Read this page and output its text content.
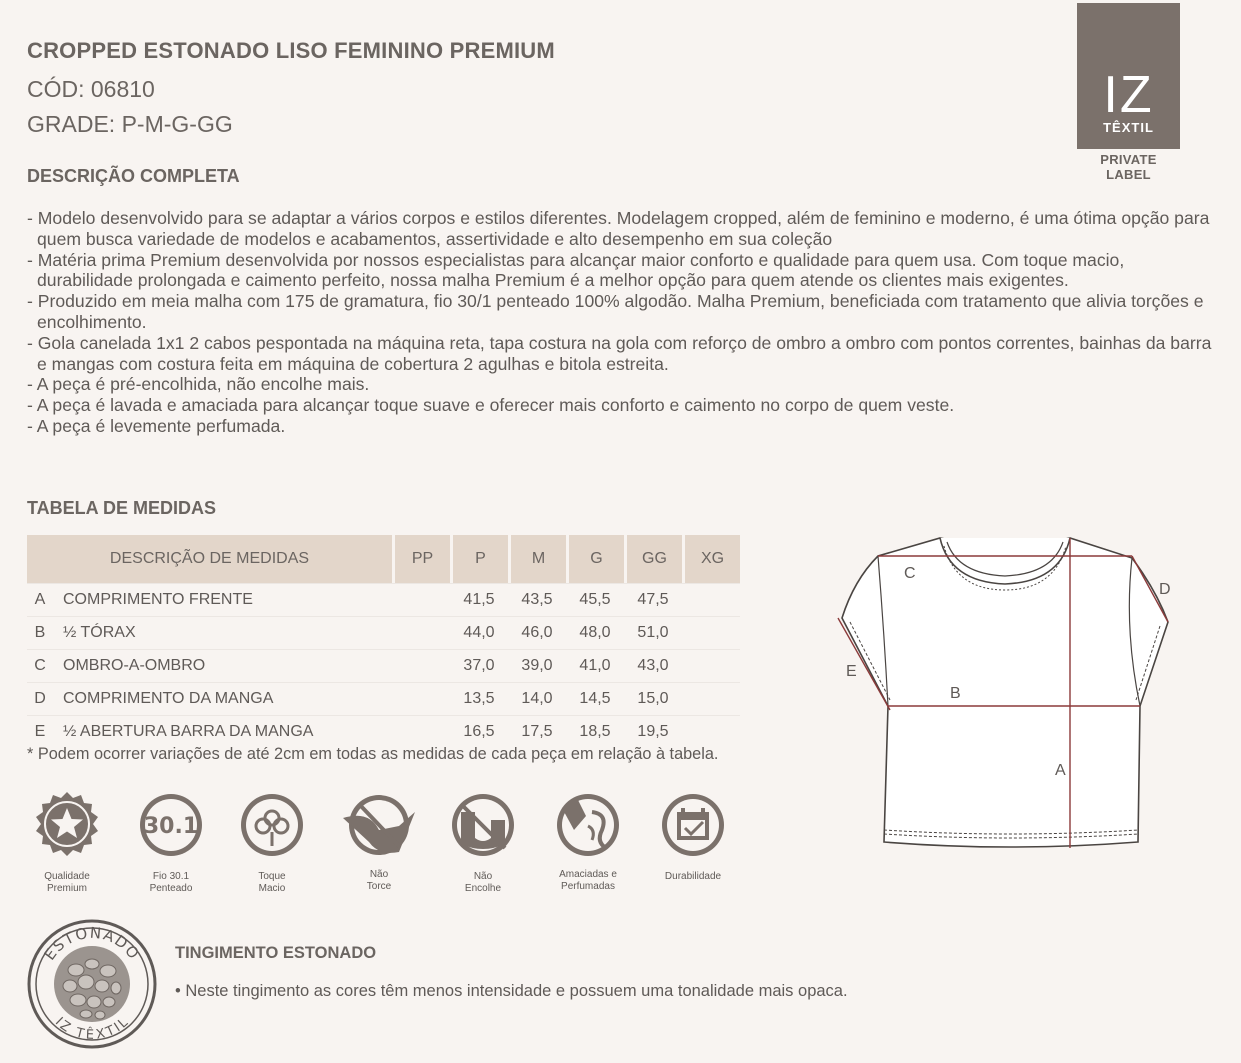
CROPPED ESTONADO LISO FEMININO PREMIUM
CÓD: 06810
GRADE: P-M-G-GG	IZ
TÊXTIL
PRIVATE LABEL
DESCRIÇÃO COMPLETA
- Modelo desenvolvido para se adaptar a vários corpos e estilos diferentes. Modelagem cropped, além de feminino e moderno, é uma ótima opção para quem busca variedade de modelos e acabamentos, assertividade e alto desempenho em sua coleção
- Matéria prima Premium desenvolvida por nossos especialistas para alcançar maior conforto e qualidade para quem usa. Com toque macio, durabilidade prolongada e caimento perfeito, nossa malha Premium é a melhor opção para quem atende os clientes mais exigentes.
- Produzido em meia malha com 175 de gramatura, fio 30/1 penteado 100% algodão. Malha Premium, beneficiada com tratamento que alivia torções e encolhimento.
- Gola canelada 1x1 2 cabos pespontada na máquina reta, tapa costura na gola com reforço de ombro a ombro com pontos correntes, bainhas da barra e mangas com costura feita em máquina de cobertura 2 agulhas e bitola estreita.
- A peça é pré-encolhida, não encolhe mais.
- A peça é lavada e amaciada para alcançar toque suave e oferecer mais conforto e caimento no corpo de quem veste.
- A peça é levemente perfumada.
TABELA DE MEDIDAS
DESCRIÇÃO DE MEDIDAS		PP	P	M	G	GG	XG
A	COMPRIMENTO FRENTE		41,5	43,5	45,5	47,5	
B	½ TÓRAX		44,0	46,0	48,0	51,0	
C	OMBRO-A-OMBRO		37,0	39,0	41,0	43,0	
D	COMPRIMENTO DA MANGA		13,5	14,0	14,5	15,0	
E	½ ABERTURA BARRA DA MANGA		16,5	17,5	18,5	19,5	
* Podem ocorrer variações de até 2cm em todas as medidas de cada peça em relação à tabela.
Qualidade
Premium
30.1
Fio 30.1
Penteado
Toque
Macio
Não
Torce
Não
Encolhe
Amaciadas e
Perfumadas
Durabilidade
ESTONADO
IZ TÊXTIL
TINGIMENTO ESTONADO
• Neste tingimento as cores têm menos intensidade e possuem uma tonalidade mais opaca.
C
D
E
B
A
